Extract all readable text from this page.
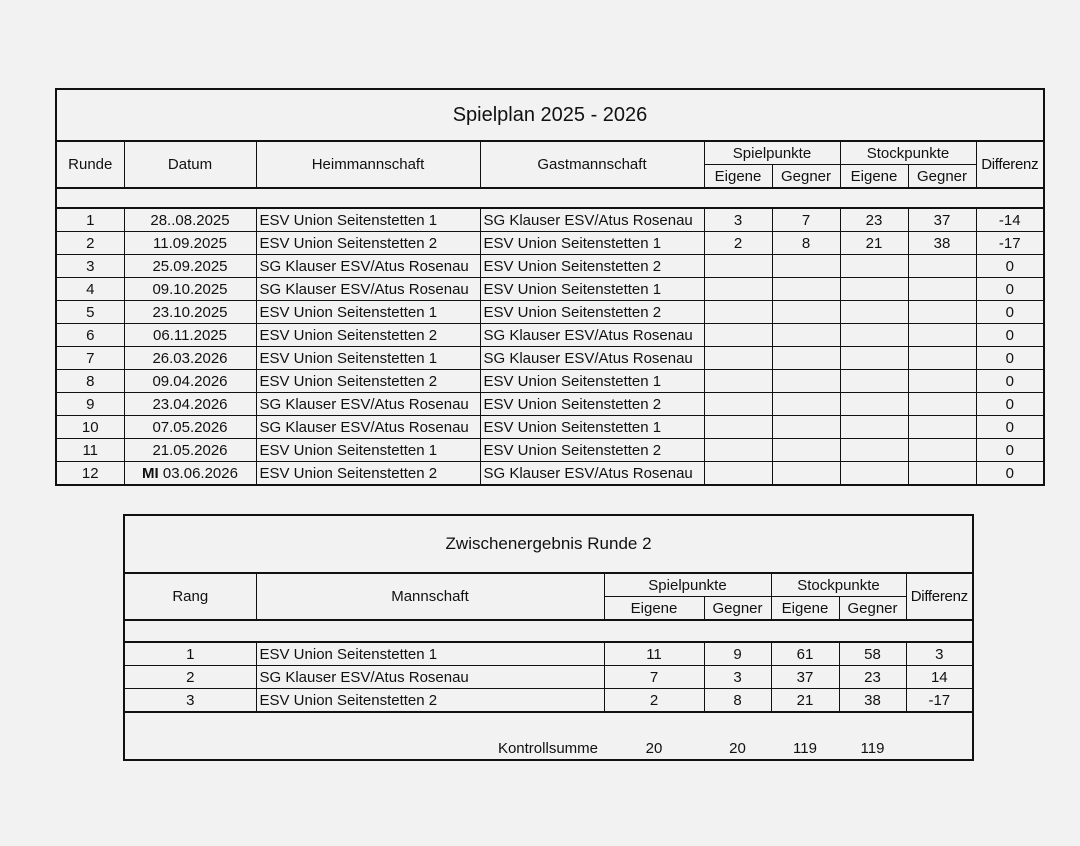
Spielplan 2025 - 2026								
Runde	Datum	Heimmannschaft	Gastmannschaft	Spielpunkte		Stockpunkte		Differenz
				Eigene	Gegner	Eigene	Gegner	

1	28..08.2025	ESV Union Seitenstetten 1	SG Klauser ESV/Atus Rosenau	3	7	23	37	-14
2	11.09.2025	ESV Union Seitenstetten 2	ESV Union Seitenstetten 1	2	8	21	38	-17
3	25.09.2025	SG Klauser ESV/Atus Rosenau	ESV Union Seitenstetten 2					0
4	09.10.2025	SG Klauser ESV/Atus Rosenau	ESV Union Seitenstetten 1					0
5	23.10.2025	ESV Union Seitenstetten 1	ESV Union Seitenstetten 2					0
6	06.11.2025	ESV Union Seitenstetten 2	SG Klauser ESV/Atus Rosenau					0
7	26.03.2026	ESV Union Seitenstetten 1	SG Klauser ESV/Atus Rosenau					0
8	09.04.2026	ESV Union Seitenstetten 2	ESV Union Seitenstetten 1					0
9	23.04.2026	SG Klauser ESV/Atus Rosenau	ESV Union Seitenstetten 2					0
10	07.05.2026	SG Klauser ESV/Atus Rosenau	ESV Union Seitenstetten 1					0
11	21.05.2026	ESV Union Seitenstetten 1	ESV Union Seitenstetten 2					0
12	MI 03.06.2026	ESV Union Seitenstetten 2	SG Klauser ESV/Atus Rosenau					0
Zwischenergebnis Runde 2						
Rang	Mannschaft	Spielpunkte		Stockpunkte		Differenz
		Eigene	Gegner	Eigene	Gegner	

1	ESV Union Seitenstetten 1	11	9	61	58	3
2	SG Klauser ESV/Atus Rosenau	7	3	37	23	14
3	ESV Union Seitenstetten 2	2	8	21	38	-17
Kontrollsumme		20	20	119	119	
